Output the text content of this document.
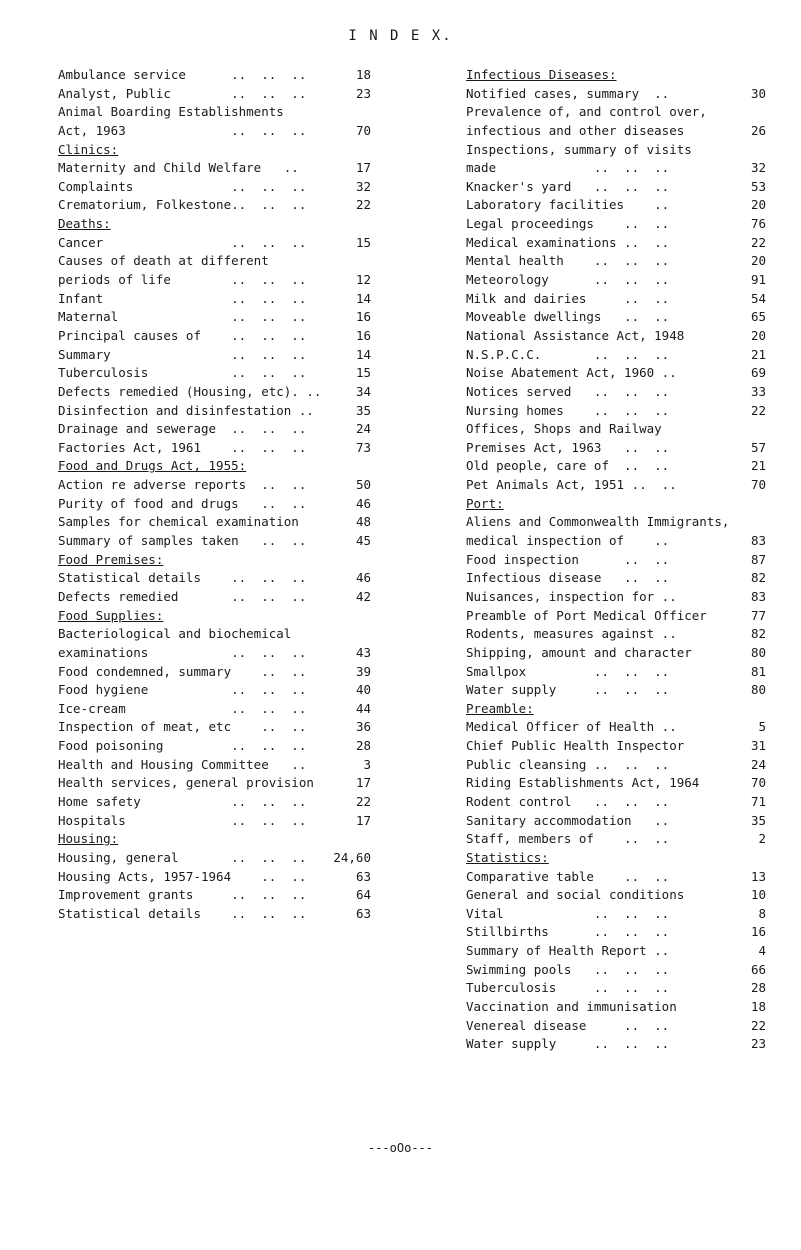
I N D E X.
Ambulance service      ..  ..  ..	18
Analyst, Public        ..  ..  ..	23
Animal Boarding Establishments
Act, 1963              ..  ..  ..	70
Clinics:
Maternity and Child Welfare   ..	17
Complaints             ..  ..  ..	32
Crematorium, Folkestone..  ..  ..	22
Deaths:
Cancer                 ..  ..  ..	15
Causes of death at different
periods of life        ..  ..  ..	12
Infant                 ..  ..  ..	14
Maternal               ..  ..  ..	16
Principal causes of    ..  ..  ..	16
Summary                ..  ..  ..	14
Tuberculosis           ..  ..  ..	15
Defects remedied (Housing, etc). ..	34
Disinfection and disinfestation ..	35
Drainage and sewerage  ..  ..  ..	24
Factories Act, 1961    ..  ..  ..	73
Food and Drugs Act, 1955:
Action re adverse reports  ..  ..	50
Purity of food and drugs   ..  ..	46
Samples for chemical examination	48
Summary of samples taken   ..  ..	45
Food Premises:
Statistical details    ..  ..  ..	46
Defects remedied       ..  ..  ..	42
Food Supplies:
Bacteriological and biochemical
examinations           ..  ..  ..	43
Food condemned, summary    ..  ..	39
Food hygiene           ..  ..  ..	40
Ice-cream              ..  ..  ..	44
Inspection of meat, etc    ..  ..	36
Food poisoning         ..  ..  ..	28
Health and Housing Committee   ..	3
Health services, general provision	17
Home safety            ..  ..  ..	22
Hospitals              ..  ..  ..	17
Housing:
Housing, general       ..  ..  ..	24,60
Housing Acts, 1957-1964    ..  ..	63
Improvement grants     ..  ..  ..	64
Statistical details    ..  ..  ..	63
Infectious Diseases:
Notified cases, summary  ..	30
Prevalence of, and control over,
infectious and other diseases	26
Inspections, summary of visits
made             ..  ..  ..	32
Knacker's yard   ..  ..  ..	53
Laboratory facilities    ..	20
Legal proceedings    ..  ..	76
Medical examinations ..  ..	22
Mental health    ..  ..  ..	20
Meteorology      ..  ..  ..	91
Milk and dairies     ..  ..	54
Moveable dwellings   ..  ..	65
National Assistance Act, 1948	20
N.S.P.C.C.       ..  ..  ..	21
Noise Abatement Act, 1960 ..	69
Notices served   ..  ..  ..	33
Nursing homes    ..  ..  ..	22
Offices, Shops and Railway
Premises Act, 1963   ..  ..	57
Old people, care of  ..  ..	21
Pet Animals Act, 1951 ..  ..	70
Port:
Aliens and Commonwealth Immigrants,
medical inspection of    ..	83
Food inspection      ..  ..	87
Infectious disease   ..  ..	82
Nuisances, inspection for ..	83
Preamble of Port Medical Officer	77
Rodents, measures against ..	82
Shipping, amount and character	80
Smallpox         ..  ..  ..	81
Water supply     ..  ..  ..	80
Preamble:
Medical Officer of Health ..	5
Chief Public Health Inspector	31
Public cleansing ..  ..  ..	24
Riding Establishments Act, 1964	70
Rodent control   ..  ..  ..	71
Sanitary accommodation   ..	35
Staff, members of    ..  ..	2
Statistics:
Comparative table    ..  ..	13
General and social conditions	10
Vital            ..  ..  ..	8
Stillbirths      ..  ..  ..	16
Summary of Health Report ..	4
Swimming pools   ..  ..  ..	66
Tuberculosis     ..  ..  ..	28
Vaccination and immunisation	18
Venereal disease     ..  ..	22
Water supply     ..  ..  ..	23
---oOo---
